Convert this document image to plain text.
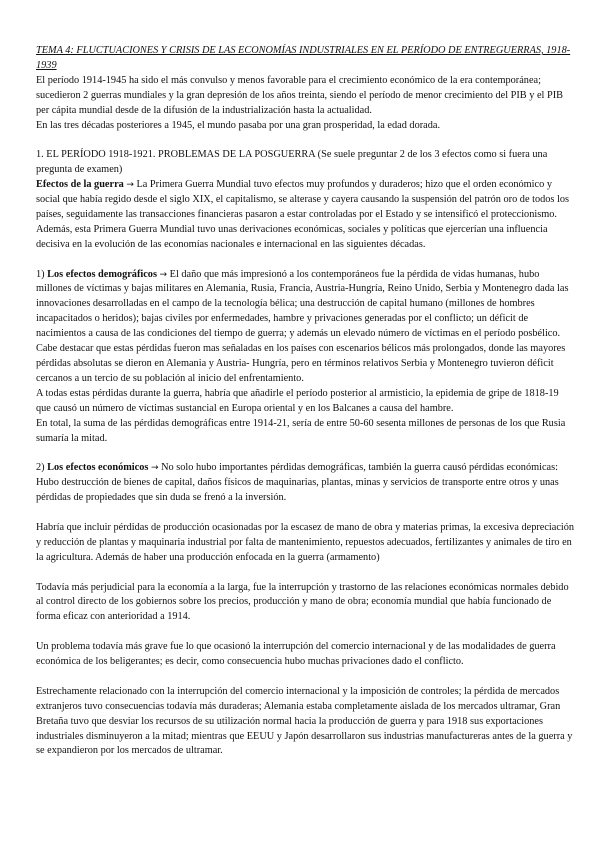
TEMA 4: FLUCTUACIONES Y CRISIS DE LAS ECONOMÍAS INDUSTRIALES EN EL PERÍODO DE ENTREGUERRAS, 1918-1939

El período 1914-1945 ha sido el más convulso y menos favorable para el crecimiento económico de la era contemporánea; sucedieron 2 guerras mundiales y la gran depresión de los años treinta, siendo el período de menor crecimiento del PIB y el PIB per cápita mundial desde de la difusión de la industrialización hasta la actualidad.

En las tres décadas posteriores a 1945, el mundo pasaba por una gran prosperidad, la edad dorada.

1. EL PERÍODO 1918-1921. PROBLEMAS DE LA POSGUERRA (Se suele preguntar 2 de los 3 efectos como si fuera una pregunta de examen)

Efectos de la guerra → La Primera Guerra Mundial tuvo efectos muy profundos y duraderos; hizo que el orden económico y social que había regido desde el siglo XIX, el capitalismo, se alterase y cayera causando la suspensión del patrón oro de todos los países, seguidamente las transacciones financieras pasaron a estar controladas por el Estado y se intensificó el proteccionismo.

Además, esta Primera Guerra Mundial tuvo unas derivaciones económicas, sociales y políticas que ejercerían una influencia decisiva en la evolución de las economías nacionales e internacional en las siguientes décadas.

1) Los efectos demográficos → El daño que más impresionó a los contemporáneos fue la pérdida de vidas humanas, hubo millones de víctimas y bajas militares en Alemania, Rusia, Francia, Austria-Hungría, Reino Unido, Serbia y Montenegro dada las innovaciones desarrolladas en el campo de la tecnología bélica; una destrucción de capital humano (millones de hombres incapacitados o heridos); bajas civiles por enfermedades, hambre y privaciones generadas por el conflicto; un déficit de nacimientos a causa de las condiciones del tiempo de guerra; y además un elevado número de víctimas en el período posbélico.

Cabe destacar que estas pérdidas fueron mas señaladas en los países con escenarios bélicos más prolongados, donde las mayores pérdidas absolutas se dieron en Alemania y Austria- Hungría, pero en términos relativos Serbia y Montenegro tuvieron déficit cercanos a un tercio de su población al inicio del enfrentamiento.

A todas estas pérdidas durante la guerra, habría que añadirle el período posterior al armisticio, la epidemia de gripe de 1818-19 que causó un número de víctimas sustancial en Europa oriental y en los Balcanes a causa del hambre.

En total, la suma de las pérdidas demográficas entre 1914-21, sería de entre 50-60 sesenta millones de personas de los que Rusia sumaría la mitad.

2) Los efectos económicos → No solo hubo importantes pérdidas demográficas, también la guerra causó pérdidas económicas:

Hubo destrucción de bienes de capital, daños físicos de maquinarias, plantas, minas y servicios de transporte entre otros y unas pérdidas de propiedades que sin duda se frenó a la inversión.

Habría que incluir pérdidas de producción ocasionadas por la escasez de mano de obra y materias primas, la excesiva depreciación y reducción de plantas y maquinaria industrial por falta de mantenimiento, repuestos adecuados, fertilizantes y animales de tiro en la agricultura. Además de haber una producción enfocada en la guerra (armamento)

Todavía más perjudicial para la economía a la larga, fue la interrupción y trastorno de las relaciones económicas normales debido al control directo de los gobiernos sobre los precios, producción y mano de obra; economía mundial que había funcionado de forma eficaz con anterioridad a 1914.

Un problema todavía más grave fue lo que ocasionó la interrupción del comercio internacional y de las modalidades de guerra económica de los beligerantes; es decir, como consecuencia hubo muchas privaciones dado el conflicto.

Estrechamente relacionado con la interrupción del comercio internacional y la imposición de controles; la pérdida de mercados extranjeros tuvo consecuencias todavía más duraderas; Alemania estaba completamente aislada de los mercados ultramar, Gran Bretaña tuvo que desviar los recursos de su utilización normal hacia la producción de guerra y para 1918 sus exportaciones industriales disminuyeron a la mitad; mientras que EEUU y Japón desarrollaron sus industrias manufactureras antes de la guerra y se expandieron por los mercados de ultramar.
